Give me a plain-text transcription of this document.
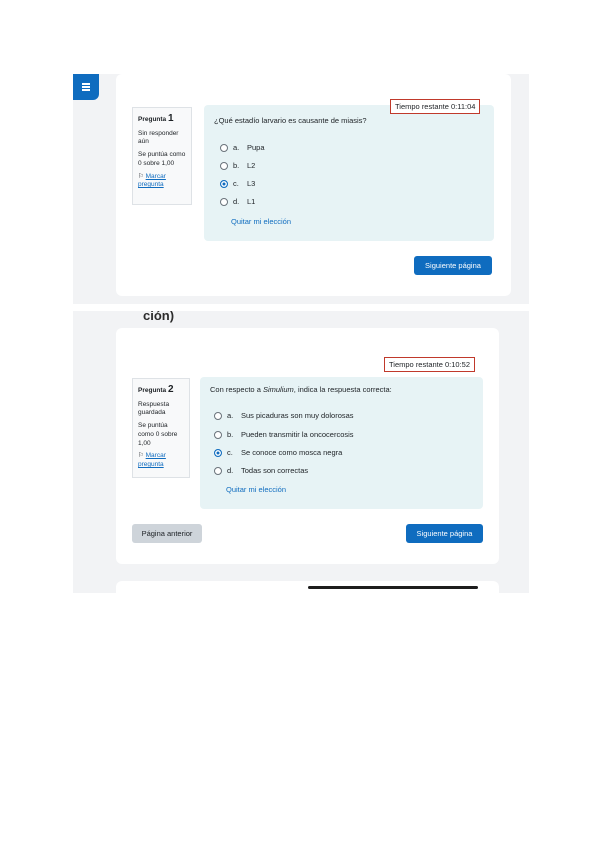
Pregunta 1
Sin responder aún
Se puntúa como 0 sobre 1,00
⚐ Marcar pregunta
¿Qué estadío larvario es causante de miasis?
a.	Pupa
b.	L2
c.	L3
d.	L1
Quitar mi elección
Tiempo restante 0:11:04
Siguiente página
ción)
Pregunta 2
Respuesta guardada
Se puntúa como 0 sobre 1,00
⚐ Marcar pregunta
Con respecto a Simulium, indica la respuesta correcta:
a.	Sus picaduras son muy dolorosas
b.	Pueden transmitir la oncocercosis
c.	Se conoce como mosca negra
d.	Todas son correctas
Quitar mi elección
Tiempo restante 0:10:52
Página anterior	Siguiente página
